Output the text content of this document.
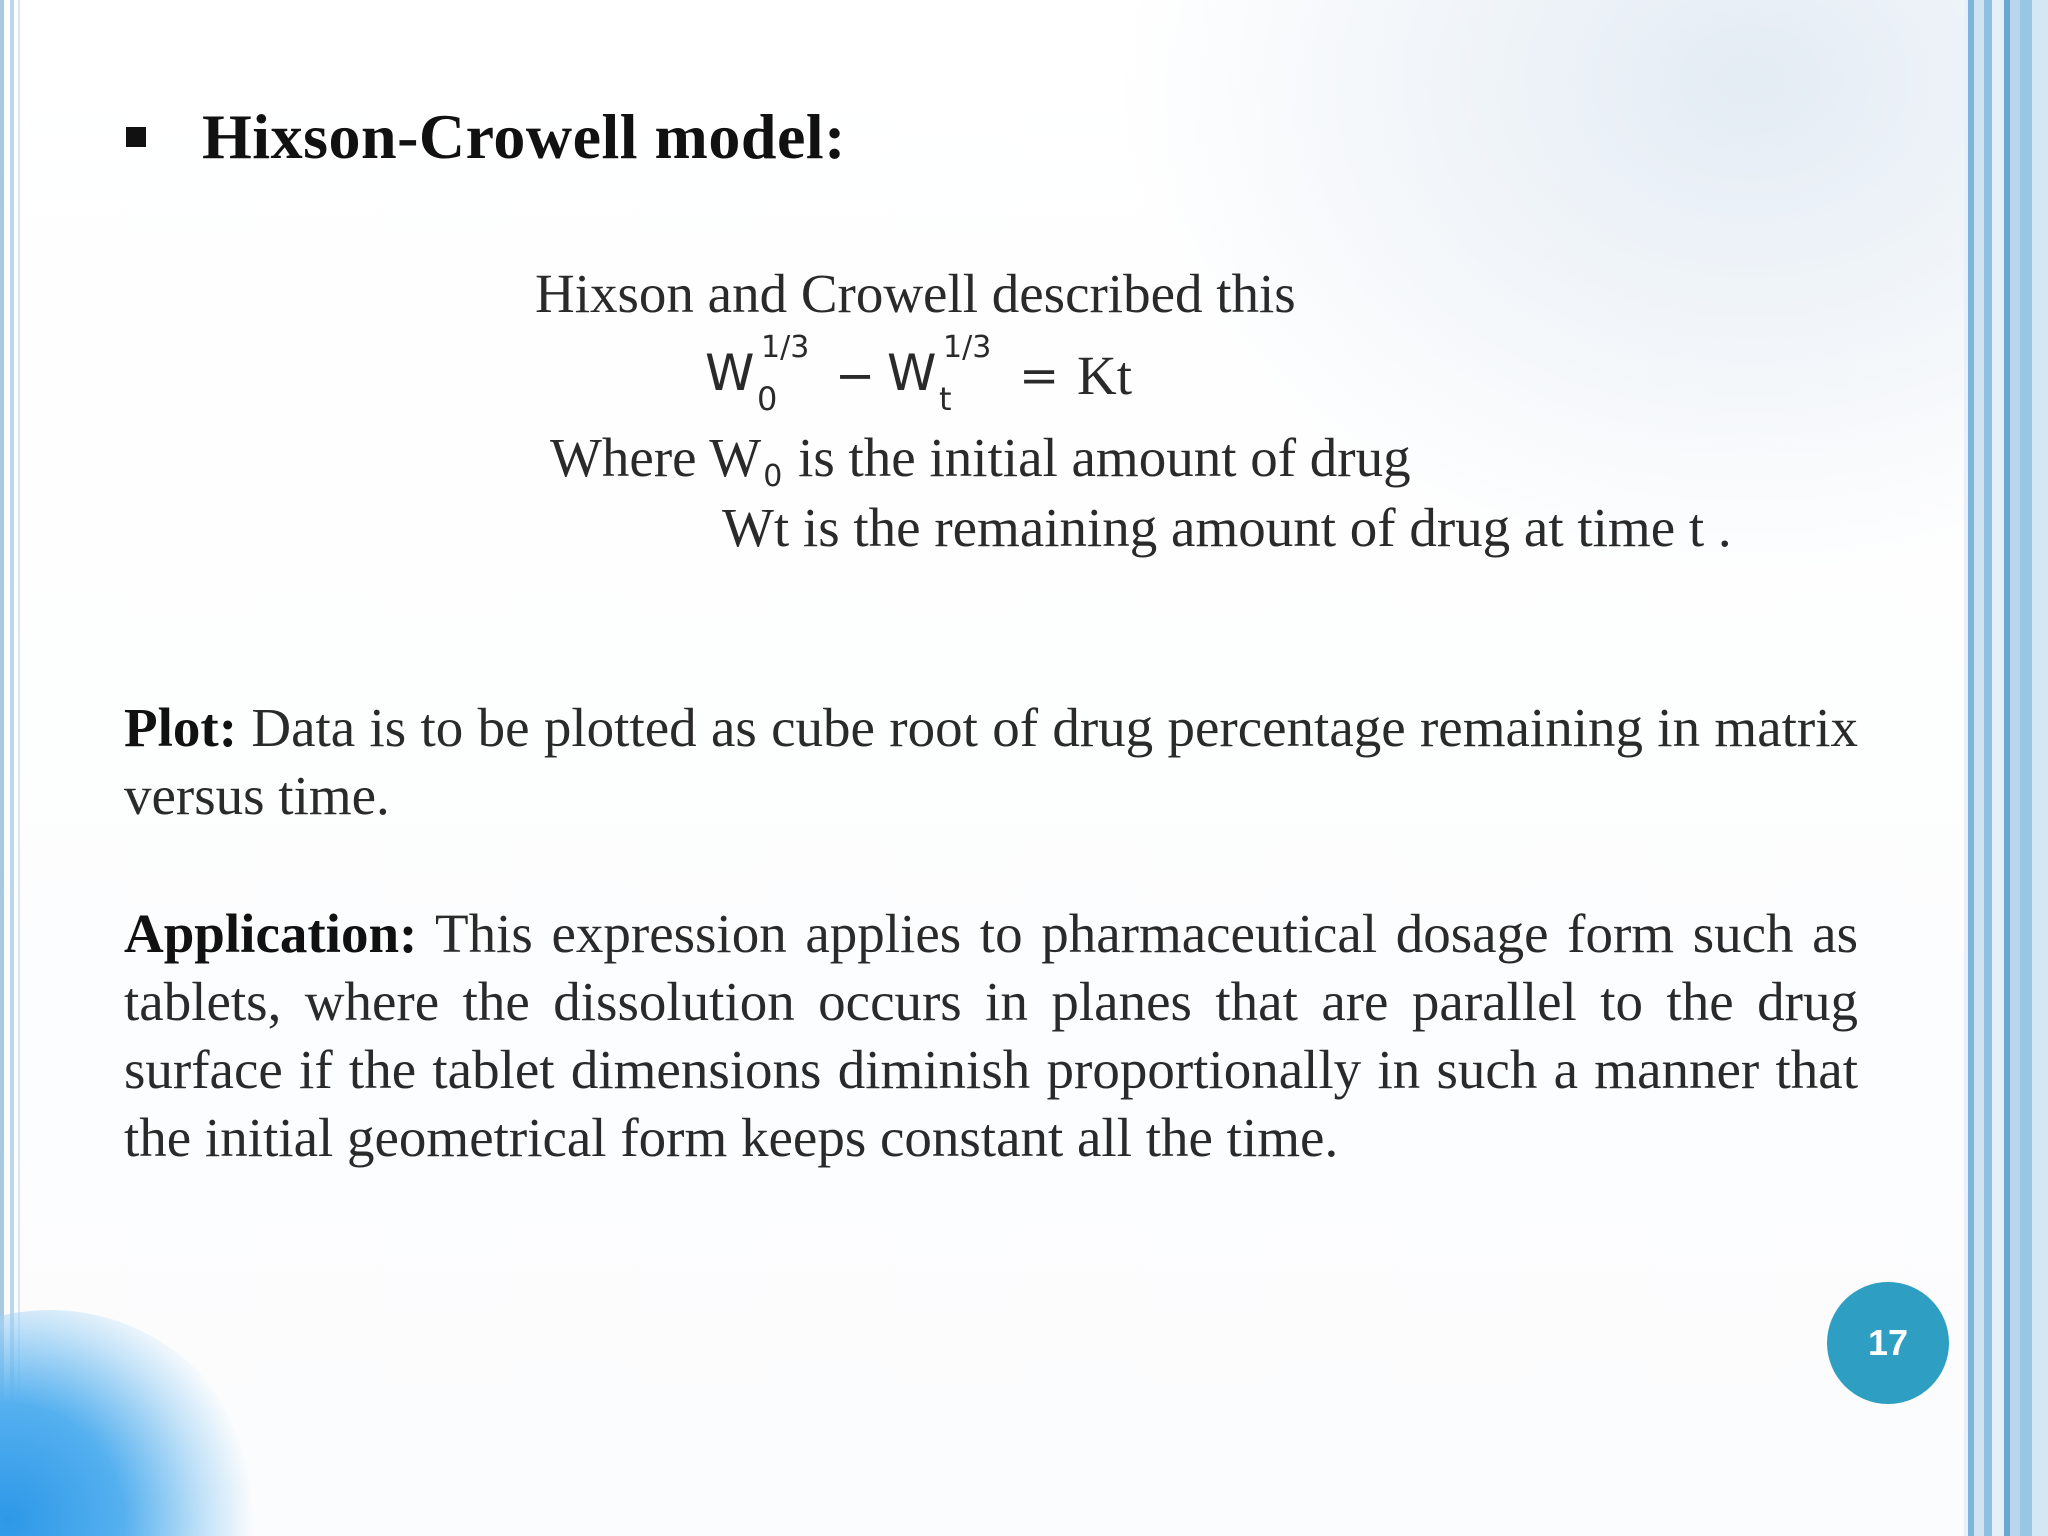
Hixson-Crowell model:
Hixson and Crowell described this
W 0
1/3
− W t
1/3
= Kt
Where W0 is the initial amount of drug
Wt is the remaining amount of drug at time t .
Plot: Data is to be plotted as cube root of drug percentage remaining in matrix versus time.
Application: This expression applies to pharmaceutical dosage form such as tablets, where the dissolution occurs in planes that are parallel to the drug surface if the tablet dimensions diminish proportionally in such a manner that the initial geometrical form keeps constant all the time.
17
